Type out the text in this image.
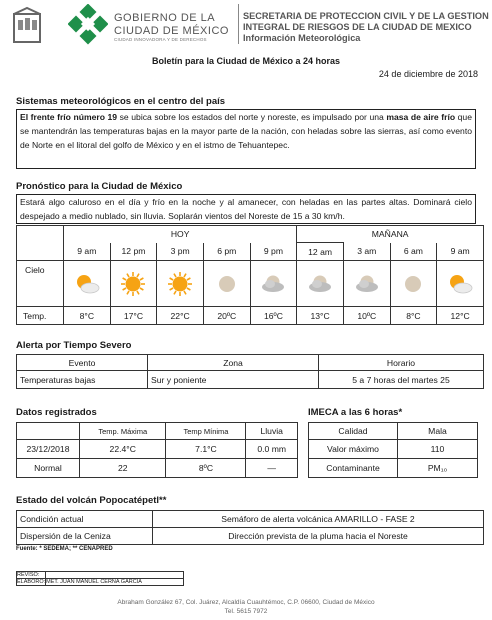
GOBIERNO DE LA
CIUDAD DE MÉXICO
CIUDAD INNOVADORA Y DE DERECHOS
SECRETARIA DE PROTECCION CIVIL Y DE LA GESTION
INTEGRAL DE RIESGOS DE LA CIUDAD DE MEXICO
Información Meteorológica
Boletín para la Ciudad de México a 24 horas
24 de diciembre de 2018
Sistemas meteorológicos en el centro del país
El frente frío número 19 se ubica sobre los estados del norte y noreste, es impulsado por una masa de aire frío que se mantendrán las temperaturas bajas en la mayor parte de la nación, con heladas sobre las sierras, así como evento de Norte en el litoral del golfo de México y en el istmo de Tehuantepec.
Pronóstico para la Ciudad de México
Estará algo caluroso en el día y frío en la noche y al amanecer, con heladas en las partes altas. Dominará cielo despejado a medio nublado, sin lluvia. Soplarán vientos del Noreste de 15 a 30 km/h.
	HOY					MAÑANA			
	9 am	12 pm	3 pm	6 pm	9 pm	12 am	3 am	6 am	9 am
Cielo	

Temp.	8°C	17°C	22°C	20ºC	16ºC	13°C	10ºC	8°C	12°C
Alerta por Tiempo Severo
Evento	Zona	Horario
Temperaturas bajas	Sur y poniente	5 a 7 horas del martes 25
Datos registrados
	Temp. Máxima	Temp Mínima	Lluvia
23/12/2018	22.4°C	7.1°C	0.0 mm
Normal	22	8ºC	—
IMECA a las 6 horas*
Calidad	Mala
Valor máximo	110
Contaminante	PM₁₀
Estado del volcán Popocatépetl**
Condición actual	Semáforo de alerta volcánica AMARILLO - FASE 2
Dispersión de la Ceniza	Dirección prevista de la pluma hacia el Noreste
Fuente: * SEDEMA; ** CENAPRED
REVISO:	
ELABORO:	MET. JUAN MANUEL CERNA GARCIA
Abraham González 67, Col. Juárez, Alcaldía Cuauhtémoc, C.P. 06600, Ciudad de México
Tel. 5615 7972
